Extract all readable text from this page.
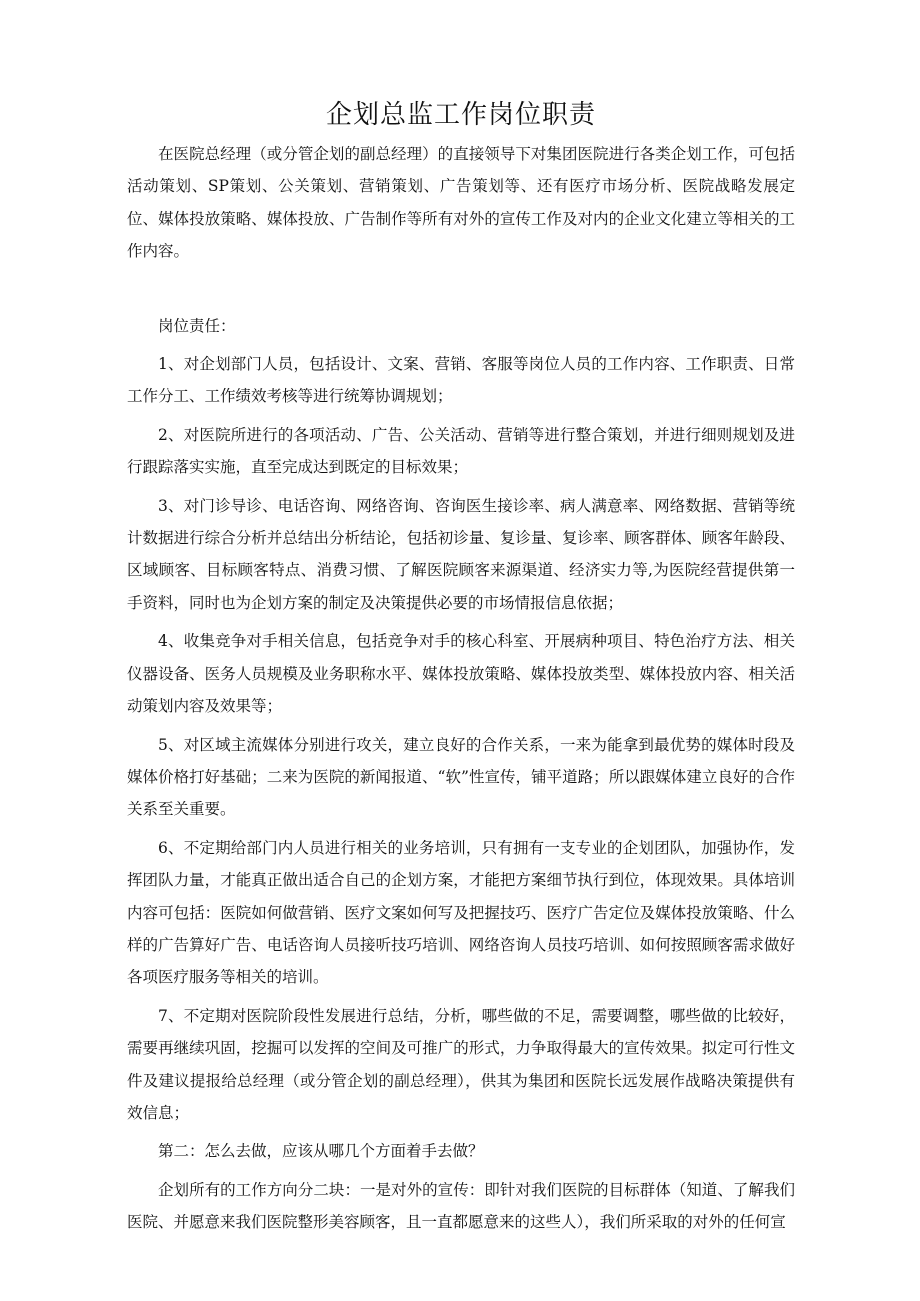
企划总监工作岗位职责

在医院总经理（或分管企划的副总经理）的直接领导下对集团医院进行各类企划工作，可包括活动策划、SP策划、公关策划、营销策划、广告策划等、还有医疗市场分析、医院战略发展定位、媒体投放策略、媒体投放、广告制作等所有对外的宣传工作及对内的企业文化建立等相关的工作内容。

岗位责任：

1、对企划部门人员，包括设计、文案、营销、客服等岗位人员的工作内容、工作职责、日常工作分工、工作绩效考核等进行统筹协调规划；

2、对医院所进行的各项活动、广告、公关活动、营销等进行整合策划，并进行细则规划及进行跟踪落实实施，直至完成达到既定的目标效果；

3、对门诊导诊、电话咨询、网络咨询、咨询医生接诊率、病人满意率、网络数据、营销等统计数据进行综合分析并总结出分析结论，包括初诊量、复诊量、复诊率、顾客群体、顾客年龄段、区域顾客、目标顾客特点、消费习惯、了解医院顾客来源渠道、经济实力等,为医院经营提供第一手资料，同时也为企划方案的制定及决策提供必要的市场情报信息依据；

4、收集竞争对手相关信息，包括竞争对手的核心科室、开展病种项目、特色治疗方法、相关仪器设备、医务人员规模及业务职称水平、媒体投放策略、媒体投放类型、媒体投放内容、相关活动策划内容及效果等；

5、对区域主流媒体分别进行攻关，建立良好的合作关系，一来为能拿到最优势的媒体时段及媒体价格打好基础；二来为医院的新闻报道、“软”性宣传，铺平道路；所以跟媒体建立良好的合作关系至关重要。

6、不定期给部门内人员进行相关的业务培训，只有拥有一支专业的企划团队，加强协作，发挥团队力量，才能真正做出适合自己的企划方案，才能把方案细节执行到位，体现效果。具体培训内容可包括：医院如何做营销、医疗文案如何写及把握技巧、医疗广告定位及媒体投放策略、什么样的广告算好广告、电话咨询人员接听技巧培训、网络咨询人员技巧培训、如何按照顾客需求做好各项医疗服务等相关的培训。

7、不定期对医院阶段性发展进行总结，分析，哪些做的不足，需要调整，哪些做的比较好，需要再继续巩固，挖掘可以发挥的空间及可推广的形式，力争取得最大的宣传效果。拟定可行性文件及建议提报给总经理（或分管企划的副总经理），供其为集团和医院长远发展作战略决策提供有效信息；

第二：怎么去做，应该从哪几个方面着手去做？

企划所有的工作方向分二块：一是对外的宣传：即针对我们医院的目标群体（知道、了解我们医院、并愿意来我们医院整形美容顾客，且一直都愿意来的这些人），我们所采取的对外的任何宣
